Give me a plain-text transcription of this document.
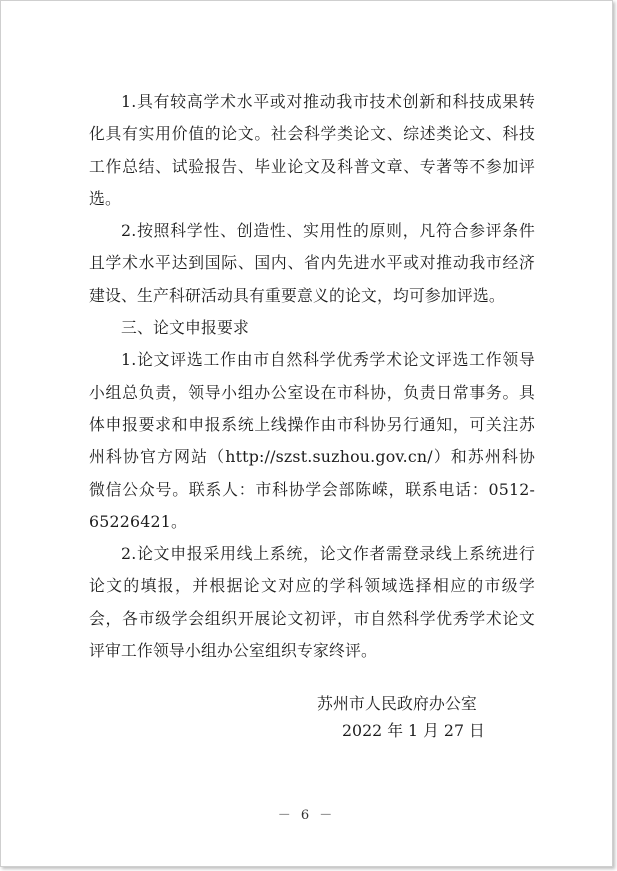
1.具有较高学术水平或对推动我市技术创新和科技成果转化具有实用价值的论文。社会科学类论文、综述类论文、科技工作总结、试验报告、毕业论文及科普文章、专著等不参加评选。

2.按照科学性、创造性、实用性的原则，凡符合参评条件且学术水平达到国际、国内、省内先进水平或对推动我市经济建设、生产科研活动具有重要意义的论文，均可参加评选。

三、论文申报要求

1.论文评选工作由市自然科学优秀学术论文评选工作领导小组总负责，领导小组办公室设在市科协，负责日常事务。具体申报要求和申报系统上线操作由市科协另行通知，可关注苏州科协官方网站（http://szst.suzhou.gov.cn/）和苏州科协微信公众号。联系人：市科协学会部陈嵘，联系电话：0512-65226421。

2.论文申报采用线上系统，论文作者需登录线上系统进行论文的填报，并根据论文对应的学科领域选择相应的市级学会，各市级学会组织开展论文初评，市自然科学优秀学术论文评审工作领导小组办公室组织专家终评。

苏州市人民政府办公室
2022 年 1 月 27 日
－ 6 －
